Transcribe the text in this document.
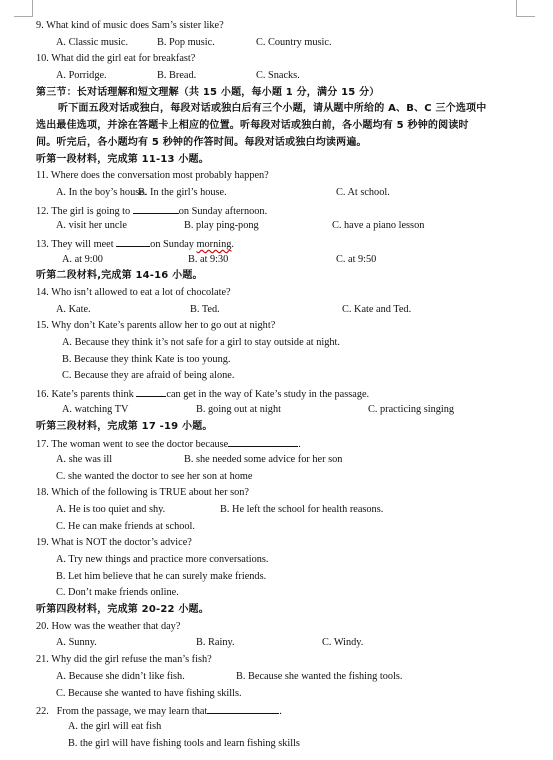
9. What kind of music does Sam’s sister like?
A. Classic music.	B. Pop music.	C. Country music.
10. What did the girl eat for breakfast?
A. Porridge.	B. Bread.	C. Snacks.
第三节：长对话理解和短文理解（共 15 小题，每小题 1 分，满分 15 分）
听下面五段对话或独白，每段对话或独白后有三个小题，请从题中所给的 A、B、C 三个选项中选出最佳选项，并涂在答题卡上相应的位置。听每段对话或独白前，各小题均有 5 秒钟的阅读时间。听完后，各小题均有 5 秒钟的作答时间。每段对话或独白均读两遍。
听第一段材料，完成第 11-13 小题。
11. Where does the conversation most probably happen?
A. In the boy’s house.
B. In the girl’s house.	C. At school.
12. The girl is going to	on Sunday afternoon.
A. visit her uncle	B. play ping-pong	C. have a piano lesson
13. They will meet	on Sunday morning.
A. at 9:00	B. at 9:30	C. at 9:50
听第二段材料,完成第 14-16 小题。
14. Who isn’t allowed to eat a lot of chocolate?
A. Kate.	B. Ted.	C. Kate and Ted.
15. Why don’t Kate’s parents allow her to go out at night?
A. Because they think it’s not safe for a girl to stay outside at night.
B. Because they think Kate is too young.
C. Because they are afraid of being alone.
16. Kate’s parents think	can get in the way of Kate’s study in the passage.
A. watching TV	B. going out at night	C. practicing singing
听第三段材料，完成第 17 -19 小题。
17. The woman went to see the doctor because	.
A. she was ill	B. she needed some advice for her son
C. she wanted the doctor to see her son at home
18. Which of the following is TRUE about her son?
A. He is too quiet and shy.	B. He left the school for health reasons.
C. He can make friends at school.
19. What is NOT the doctor’s advice?
A. Try new things and practice more conversations.
B. Let him believe that he can surely make friends.
C. Don’t make friends online.
听第四段材料，完成第 20-22 小题。
20. How was the weather that day?
A. Sunny.	B. Rainy.	C. Windy.
21. Why did the girl refuse the man’s fish?
A. Because she didn’t like fish.	B. Because she wanted the fishing tools.
C. Because she wanted to have fishing skills.
22.   From the passage, we may learn that	.
A. the girl will eat fish
B. the girl will have fishing tools and learn fishing skills
